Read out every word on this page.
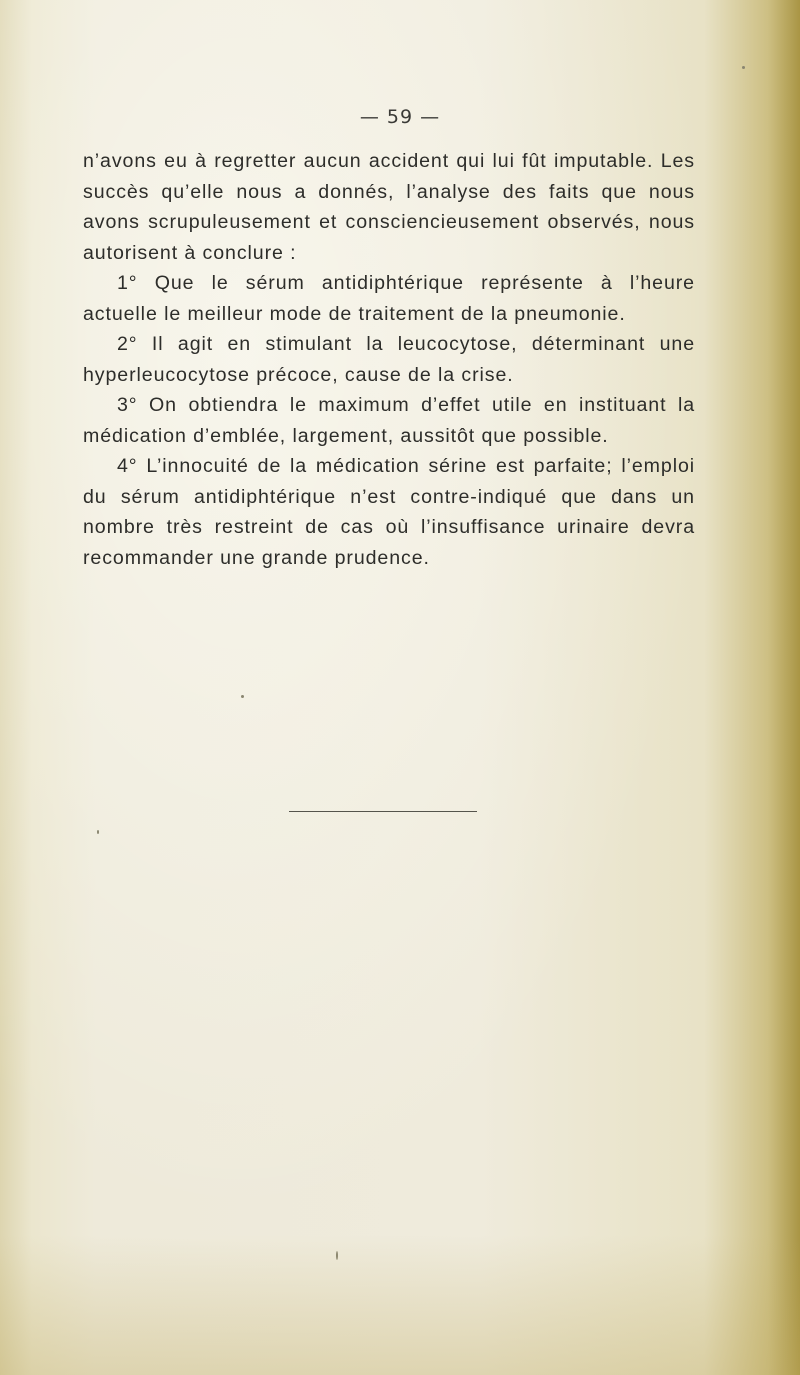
— 59 —

n’avons eu à regretter aucun accident qui lui fût imputable. Les succès qu’elle nous a donnés, l’analyse des faits que nous avons scrupuleusement et consciencieusement observés, nous autorisent à conclure :

1° Que le sérum antidiphtérique représente à l’heure actuelle le meilleur mode de traitement de la pneumonie.

2° Il agit en stimulant la leucocytose, déterminant une hyperleucocytose précoce, cause de la crise.

3° On obtiendra le maximum d’effet utile en instituant la médication d’emblée, largement, aussitôt que possible.

4° L’innocuité de la médication sérine est parfaite; l’emploi du sérum antidiphtérique n’est contre-indiqué que dans un nombre très restreint de cas où l’insuffisance urinaire devra recommander une grande prudence.
